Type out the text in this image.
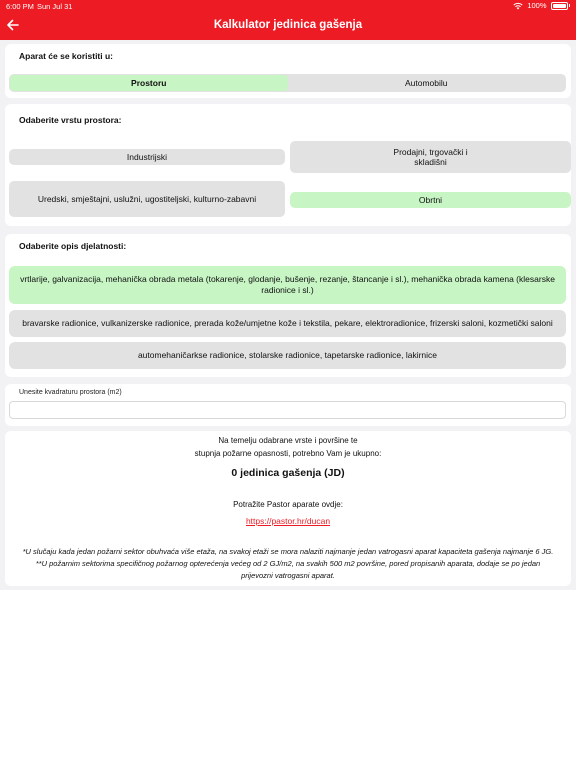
6:00 PM Sun Jul 31	100%
Kalkulator jedinica gašenja
Aparat će se koristiti u:
Prostoru	Automobilu
Odaberite vrstu prostora:
Industrijski
Prodajni, trgovački i
skladišni
Uredski, smještajni, uslužni, ugostiteljski, kulturno-zabavni	Obrtni
Odaberite opis djelatnosti:
vrtlarije, galvanizacija, mehanička obrada metala (tokarenje, glodanje, bušenje, rezanje, štancanje i sl.), mehanička obrada kamena (klesarske radionice i sl.)
bravarske radionice, vulkanizerske radionice, prerada kože/umjetne kože i tekstila, pekare, elektroradionice, frizerski saloni, kozmetički saloni
automehaničarkse radionice, stolarske radionice, tapetarske radionice, lakirnice
Unesite kvadraturu prostora (m2)
Na temelju odabrane vrste i površine te
stupnja požarne opasnosti, potrebno Vam je ukupno:
0 jedinica gašenja (JD)
Potražite Pastor aparate ovdje:
https://pastor.hr/ducan
*U slučaju kada jedan požarni sektor obuhvaća više etaža, na svakoj etaži se mora nalaziti najmanje jedan vatrogasni aparat kapaciteta gašenja najmanje 6 JG.
**U požarnim sektorima specifičnog požarnog opterećenja većeg od 2 GJ/m2, na svakih 500 m2 površine, pored propisanih aparata, dodaje se po jedan
prijevozni vatrogasni aparat.
